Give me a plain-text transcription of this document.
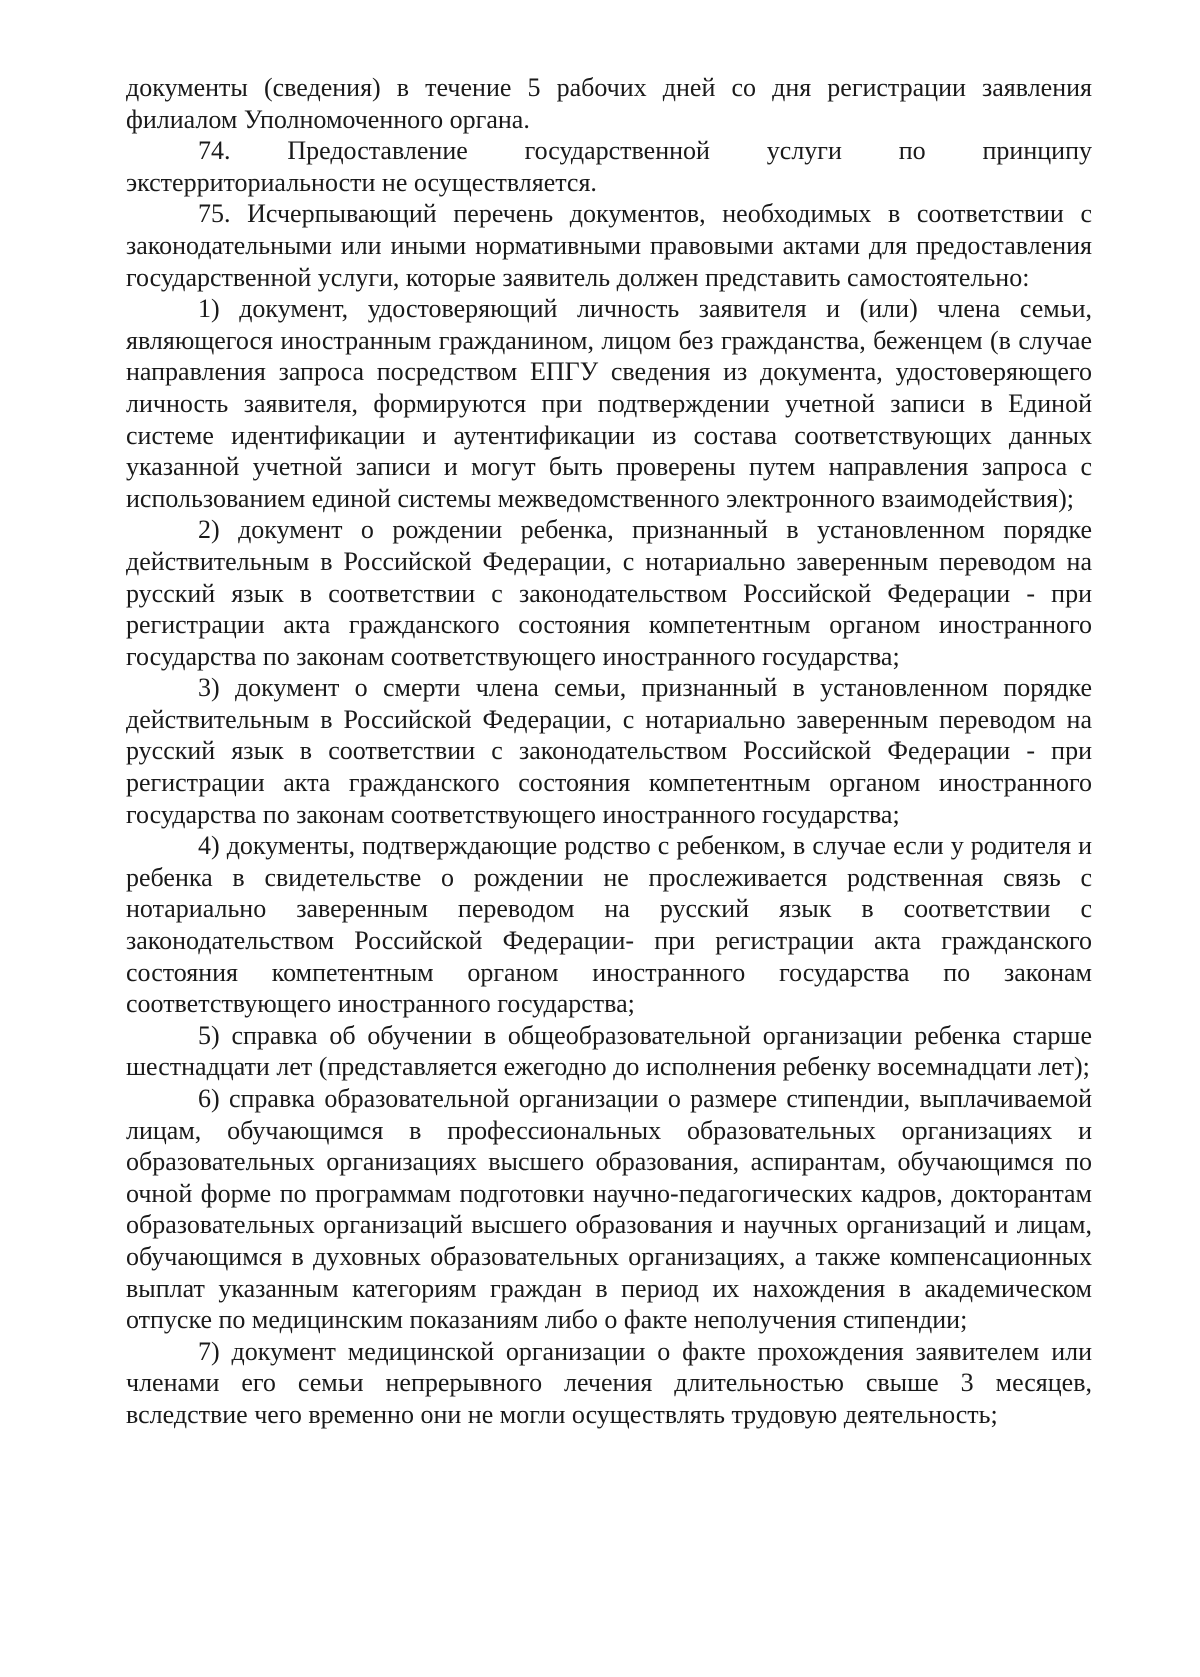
документы (сведения) в течение 5 рабочих дней со дня регистрации заявления филиалом Уполномоченного органа.

74. Предоставление государственной услуги по принципу экстерриториальности не осуществляется.

75. Исчерпывающий перечень документов, необходимых в соответствии с законодательными или иными нормативными правовыми актами для предоставления государственной услуги, которые заявитель должен представить самостоятельно:

1) документ, удостоверяющий личность заявителя и (или) члена семьи, являющегося иностранным гражданином, лицом без гражданства, беженцем (в случае направления запроса посредством ЕПГУ сведения из документа, удостоверяющего личность заявителя, формируются при подтверждении учетной записи в Единой системе идентификации и аутентификации из состава соответствующих данных указанной учетной записи и могут быть проверены путем направления запроса с использованием единой системы межведомственного электронного взаимодействия);

2) документ о рождении ребенка, признанный в установленном порядке действительным в Российской Федерации, с нотариально заверенным переводом на русский язык в соответствии с законодательством Российской Федерации - при регистрации акта гражданского состояния компетентным органом иностранного государства по законам соответствующего иностранного государства;

3) документ о смерти члена семьи, признанный в установленном порядке действительным в Российской Федерации, с нотариально заверенным переводом на русский язык в соответствии с законодательством Российской Федерации - при регистрации акта гражданского состояния компетентным органом иностранного государства по законам соответствующего иностранного государства;

4) документы, подтверждающие родство с ребенком, в случае если у родителя и ребенка в свидетельстве о рождении не прослеживается родственная связь с нотариально заверенным переводом на русский язык в соответствии с законодательством Российской Федерации- при регистрации акта гражданского состояния компетентным органом иностранного государства по законам соответствующего иностранного государства;

5) справка об обучении в общеобразовательной организации ребенка старше шестнадцати лет (представляется ежегодно до исполнения ребенку восемнадцати лет);

6) справка образовательной организации о размере стипендии, выплачиваемой лицам, обучающимся в профессиональных образовательных организациях и образовательных организациях высшего образования, аспирантам, обучающимся по очной форме по программам подготовки научно-педагогических кадров, докторантам образовательных организаций высшего образования и научных организаций и лицам, обучающимся в духовных образовательных организациях, а также компенсационных выплат указанным категориям граждан в период их нахождения в академическом отпуске по медицинским показаниям либо о факте неполучения стипендии;

7) документ медицинской организации о факте прохождения заявителем или членами его семьи непрерывного лечения длительностью свыше 3 месяцев, вследствие чего временно они не могли осуществлять трудовую деятельность;
